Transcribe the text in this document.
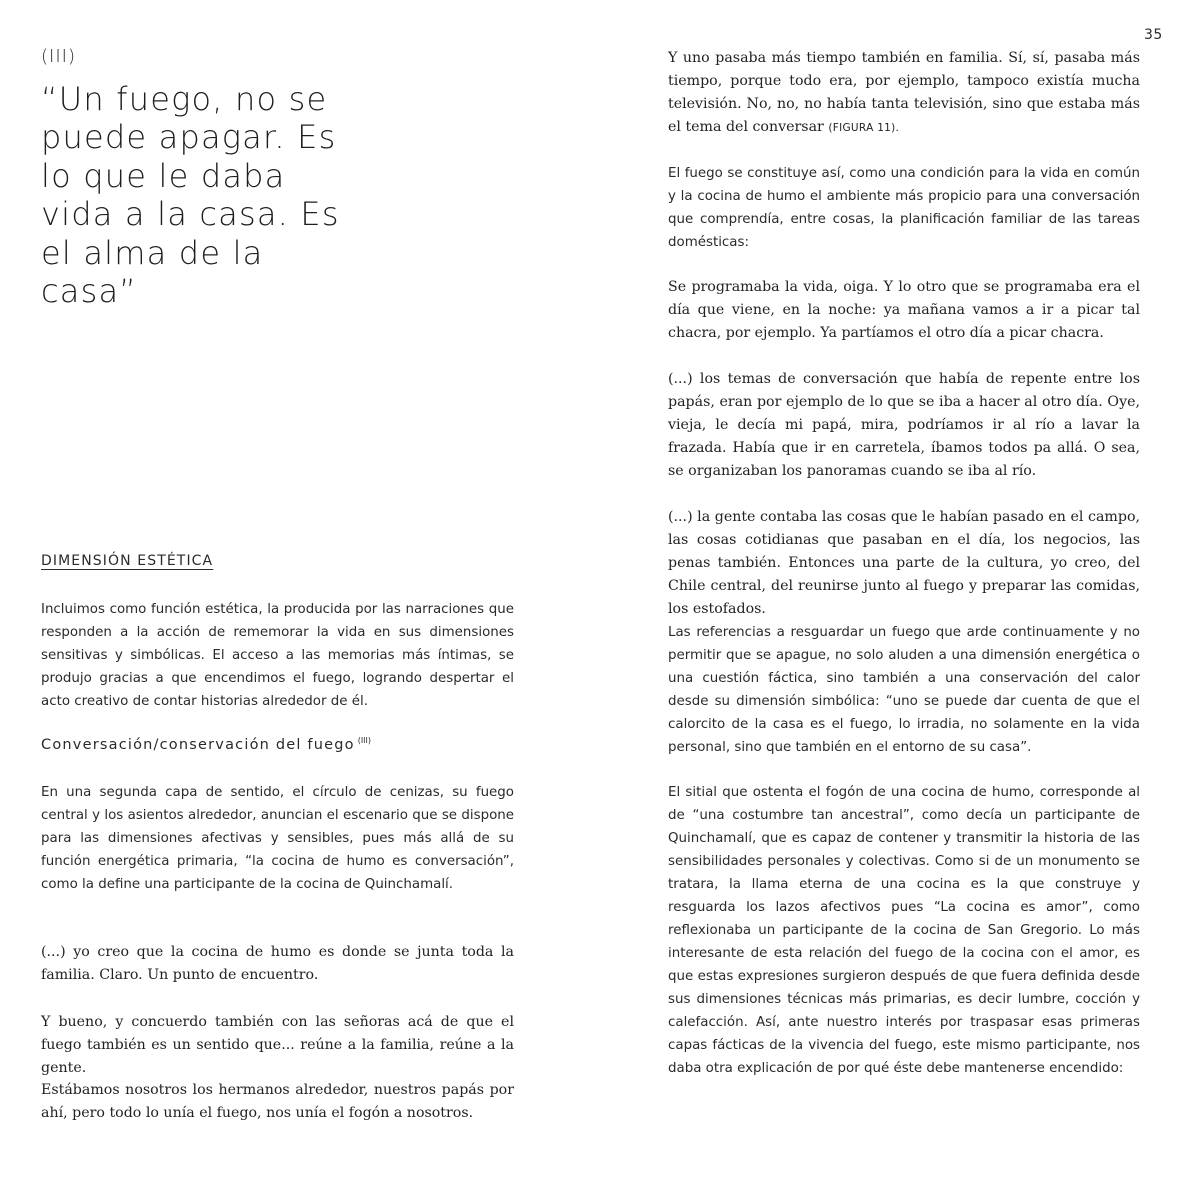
35
(III)
“Un fuego, no se puede apagar. Es lo que le daba vida a la casa. Es el alma de la casa”
DIMENSIÓN ESTÉTICA

Incluimos como función estética, la producida por las narraciones que responden a la acción de rememorar la vida en sus dimensiones sensitivas y simbólicas. El acceso a las memorias más íntimas, se produjo gracias a que encendimos el fuego, logrando despertar el acto creativo de contar historias alrededor de él.

Conversación/conservación del fuego $^{(III)}$

En una segunda capa de sentido, el círculo de cenizas, su fuego central y los asientos alrededor, anuncian el escenario que se dispone para las dimensiones afectivas y sensibles, pues más allá de su función energética primaria, “la cocina de humo es conversación”, como la define una participante de la cocina de Quinchamalí.

(...) yo creo que la cocina de humo es donde se junta toda la familia. Claro. Un punto de encuentro.

Y bueno, y concuerdo también con las señoras acá de que el fuego también es un sentido que... reúne a la familia, reúne a la gente.

Estábamos nosotros los hermanos alrededor, nuestros papás por ahí, pero todo lo unía el fuego, nos unía el fogón a nosotros.

Y uno pasaba más tiempo también en familia. Sí, sí, pasaba más tiempo, porque todo era, por ejemplo, tampoco existía mucha televisión. No, no, no había tanta televisión, sino que estaba más el tema del conversar (FIGURA 11).

El fuego se constituye así, como una condición para la vida en común y la cocina de humo el ambiente más propicio para una conversación que comprendía, entre cosas, la planificación familiar de las tareas domésticas:

Se programaba la vida, oiga. Y lo otro que se programaba era el día que viene, en la noche: ya mañana vamos a ir a picar tal chacra, por ejemplo. Ya partíamos el otro día a picar chacra.

(...) los temas de conversación que había de repente entre los papás, eran por ejemplo de lo que se iba a hacer al otro día. Oye, vieja, le decía mi papá, mira, podríamos ir al río a lavar la frazada. Había que ir en carretela, íbamos todos pa allá. O sea, se organizaban los panoramas cuando se iba al río.

(...) la gente contaba las cosas que le habían pasado en el campo, las cosas cotidianas que pasaban en el día, los negocios, las penas también. Entonces una parte de la cultura, yo creo, del Chile central, del reunirse junto al fuego y preparar las comidas, los estofados.

Las referencias a resguardar un fuego que arde continuamente y no permitir que se apague, no solo aluden a una dimensión energética o una cuestión fáctica, sino también a una conservación del calor desde su dimensión simbólica: “uno se puede dar cuenta de que el calorcito de la casa es el fuego, lo irradia, no solamente en la vida personal, sino que también en el entorno de su casa”.

El sitial que ostenta el fogón de una cocina de humo, corresponde al de “una costumbre tan ancestral”, como decía un participante de Quinchamalí, que es capaz de contener y transmitir la historia de las sensibilidades personales y colectivas. Como si de un monumento se tratara, la llama eterna de una cocina es la que construye y resguarda los lazos afectivos pues “La cocina es amor”, como reflexionaba un participante de la cocina de San Gregorio. Lo más interesante de esta relación del fuego de la cocina con el amor, es que estas expresiones surgieron después de que fuera definida desde sus dimensiones técnicas más primarias, es decir lumbre, cocción y calefacción. Así, ante nuestro interés por traspasar esas primeras capas fácticas de la vivencia del fuego, este mismo participante, nos daba otra explicación de por qué éste debe mantenerse encendido:
